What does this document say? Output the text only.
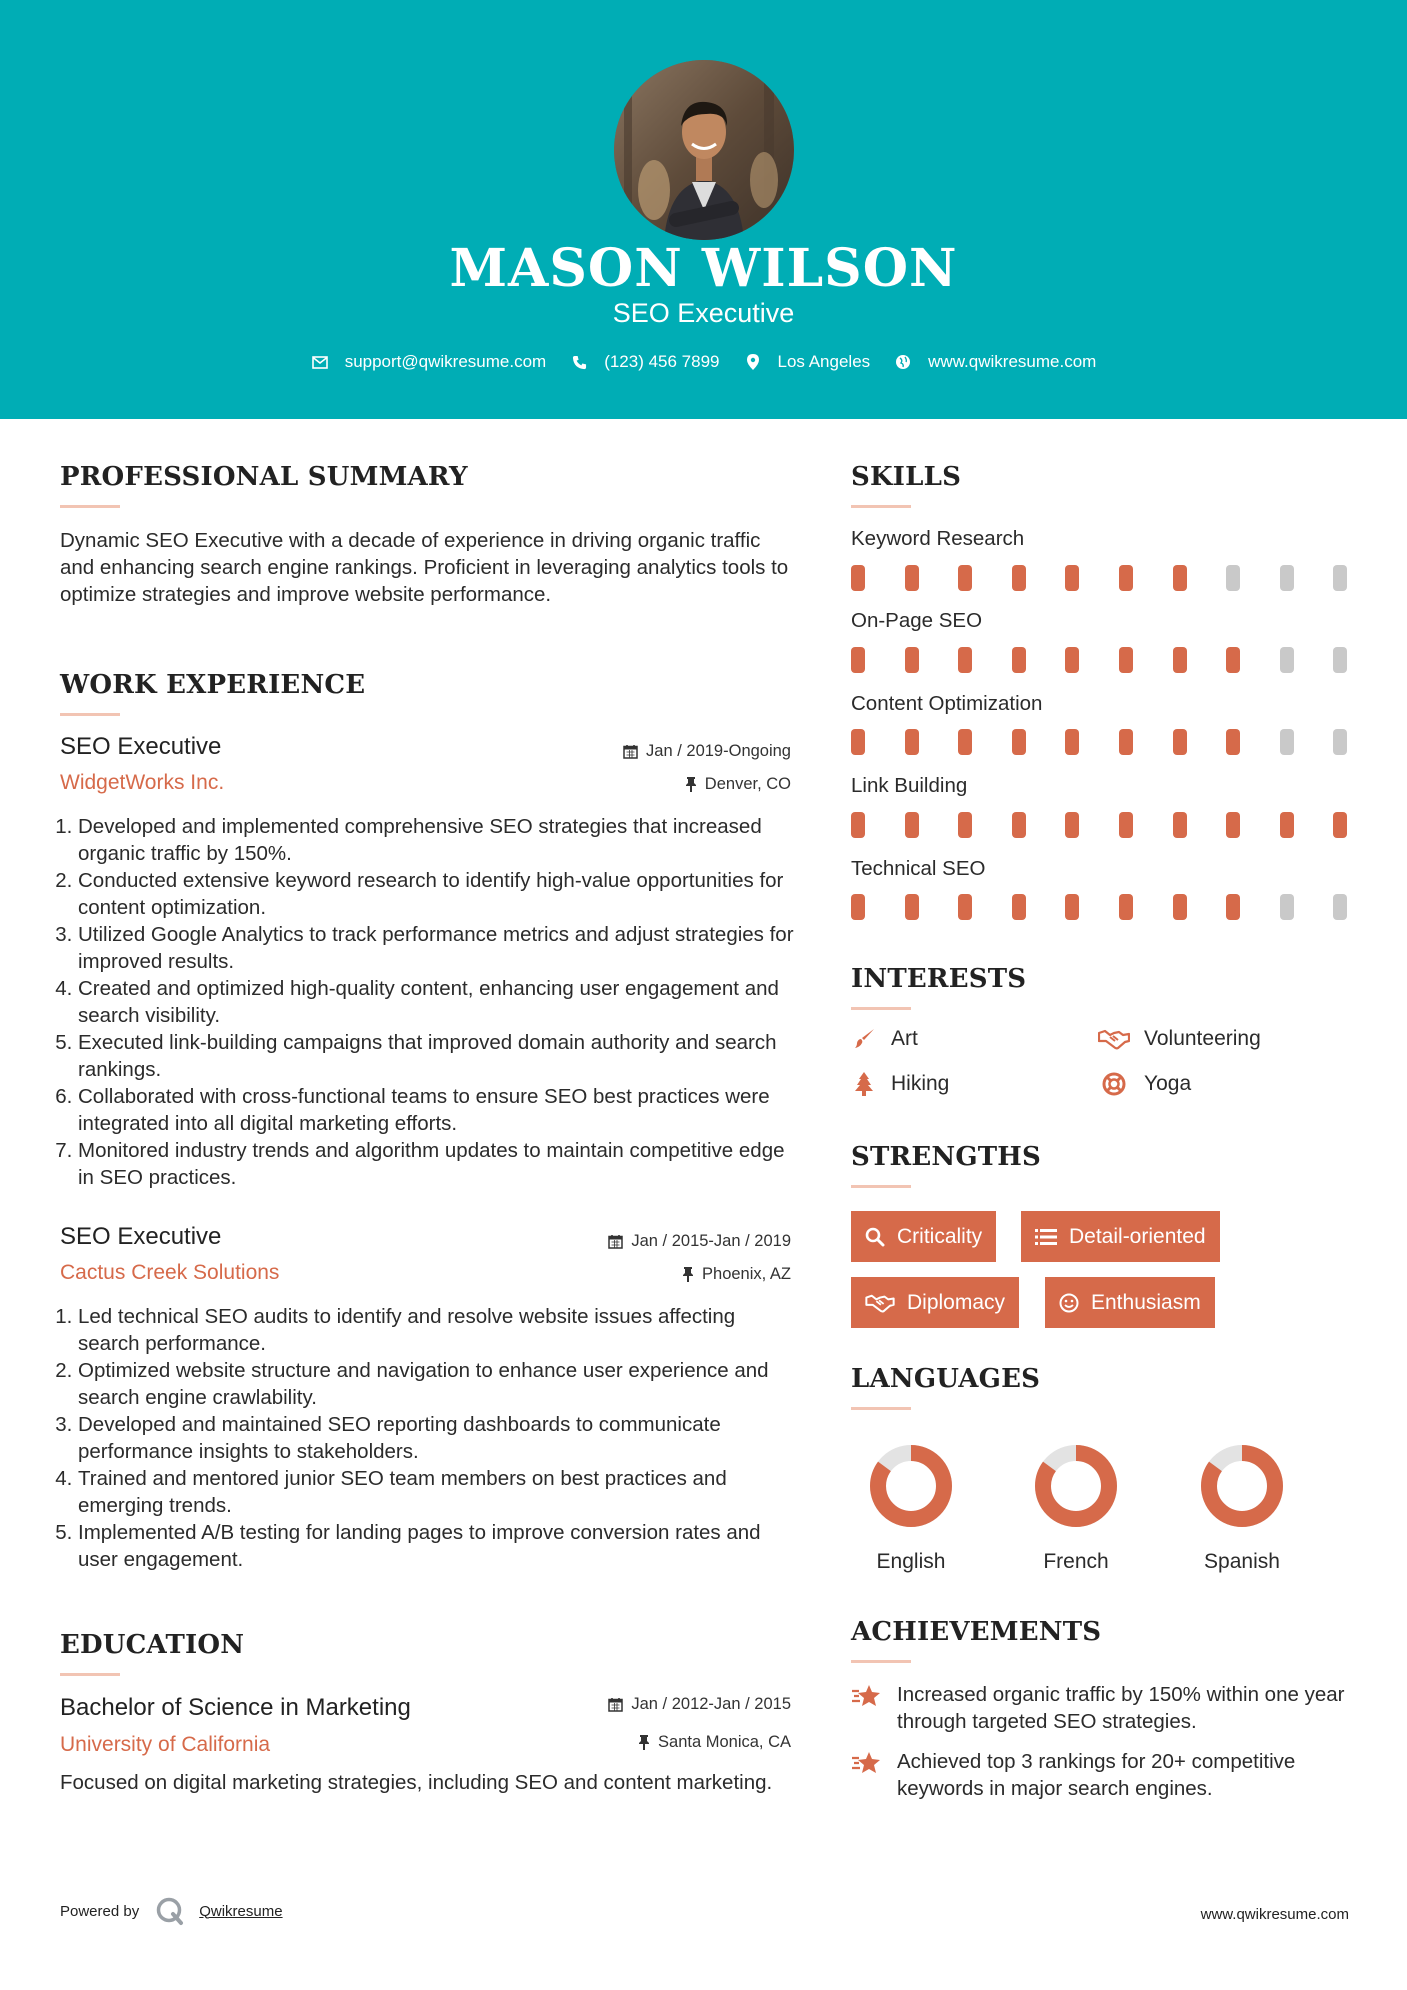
MASON WILSON
SEO Executive
support@qwikresume.com	(123) 456 7899	Los Angeles	www.qwikresume.com
PROFESSIONAL SUMMARY
Dynamic SEO Executive with a decade of experience in driving organic traffic and enhancing search engine rankings. Proficient in leveraging analytics tools to optimize strategies and improve website performance.
WORK EXPERIENCE
SEO Executive	Jan / 2019-Ongoing
WidgetWorks Inc.	Denver, CO
1. Developed and implemented comprehensive SEO strategies that increased organic traffic by 150%.
2. Conducted extensive keyword research to identify high-value opportunities for content optimization.
3. Utilized Google Analytics to track performance metrics and adjust strategies for improved results.
4. Created and optimized high-quality content, enhancing user engagement and search visibility.
5. Executed link-building campaigns that improved domain authority and search rankings.
6. Collaborated with cross-functional teams to ensure SEO best practices were integrated into all digital marketing efforts.
7. Monitored industry trends and algorithm updates to maintain competitive edge in SEO practices.
SEO Executive	Jan / 2015-Jan / 2019
Cactus Creek Solutions	Phoenix, AZ
1. Led technical SEO audits to identify and resolve website issues affecting search performance.
2. Optimized website structure and navigation to enhance user experience and search engine crawlability.
3. Developed and maintained SEO reporting dashboards to communicate performance insights to stakeholders.
4. Trained and mentored junior SEO team members on best practices and emerging trends.
5. Implemented A/B testing for landing pages to improve conversion rates and user engagement.
EDUCATION
Bachelor of Science in Marketing	Jan / 2012-Jan / 2015
University of California	Santa Monica, CA
Focused on digital marketing strategies, including SEO and content marketing.
SKILLS
Keyword Research
On-Page SEO
Content Optimization
Link Building
Technical SEO
INTERESTS
Art	Volunteering
Hiking	Yoga
STRENGTHS
Criticality	Detail-oriented
Diplomacy	Enthusiasm
LANGUAGES
English	French	Spanish
ACHIEVEMENTS
Increased organic traffic by 150% within one year through targeted SEO strategies.
Achieved top 3 rankings for 20+ competitive keywords in major search engines.
Powered by	Qwikresume	www.qwikresume.com
